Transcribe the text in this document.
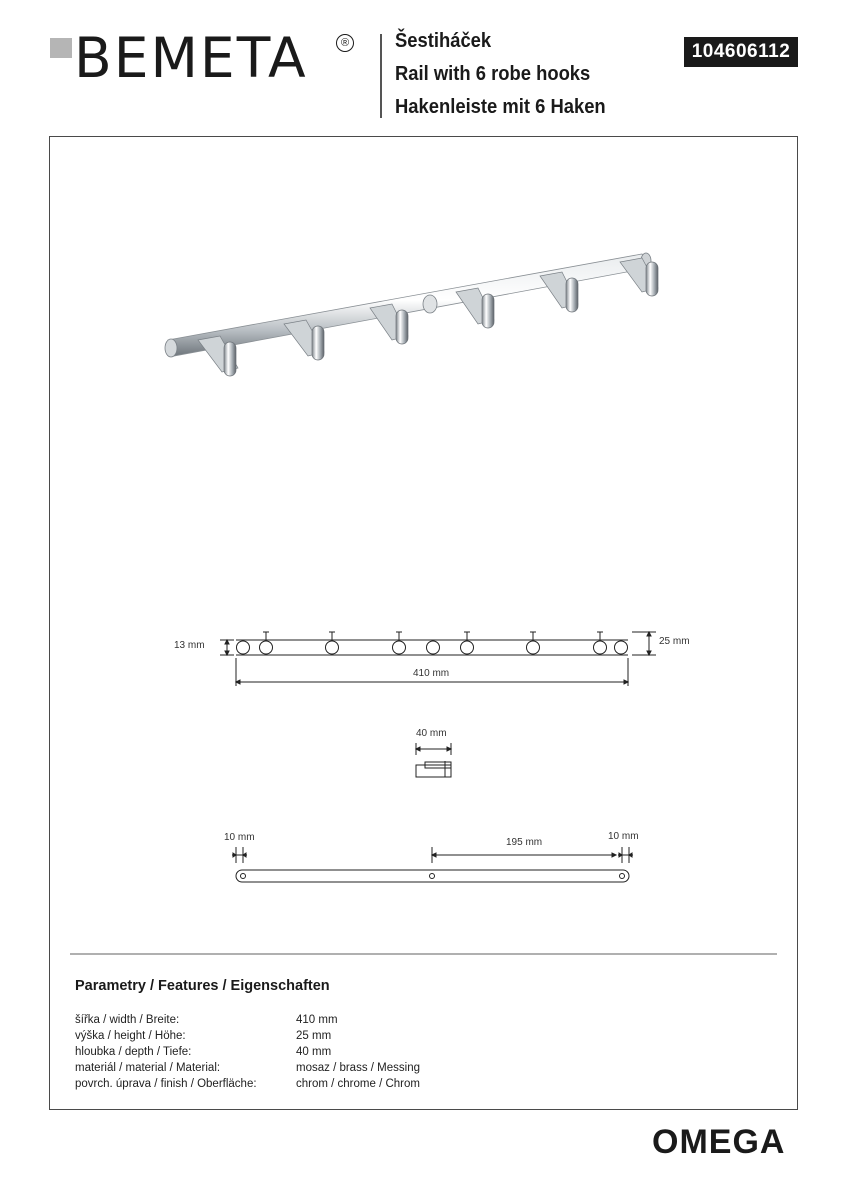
BEMETA	® Šestiháček
Rail with 6 robe hooks
Hakenleiste mit 6 Haken
104606112
13 mm	25 mm
410 mm
40 mm
10 mm	195 mm
10 mm
Parametry / Features / Eigenschaften
šířka / width / Breite:	410 mm
výška / height / Höhe:	25 mm
hloubka / depth / Tiefe:	40 mm
materiál / material / Material:	mosaz / brass / Messing
povrch. úprava / finish / Oberfläche:	chrom / chrome / Chrom
OMEGA
